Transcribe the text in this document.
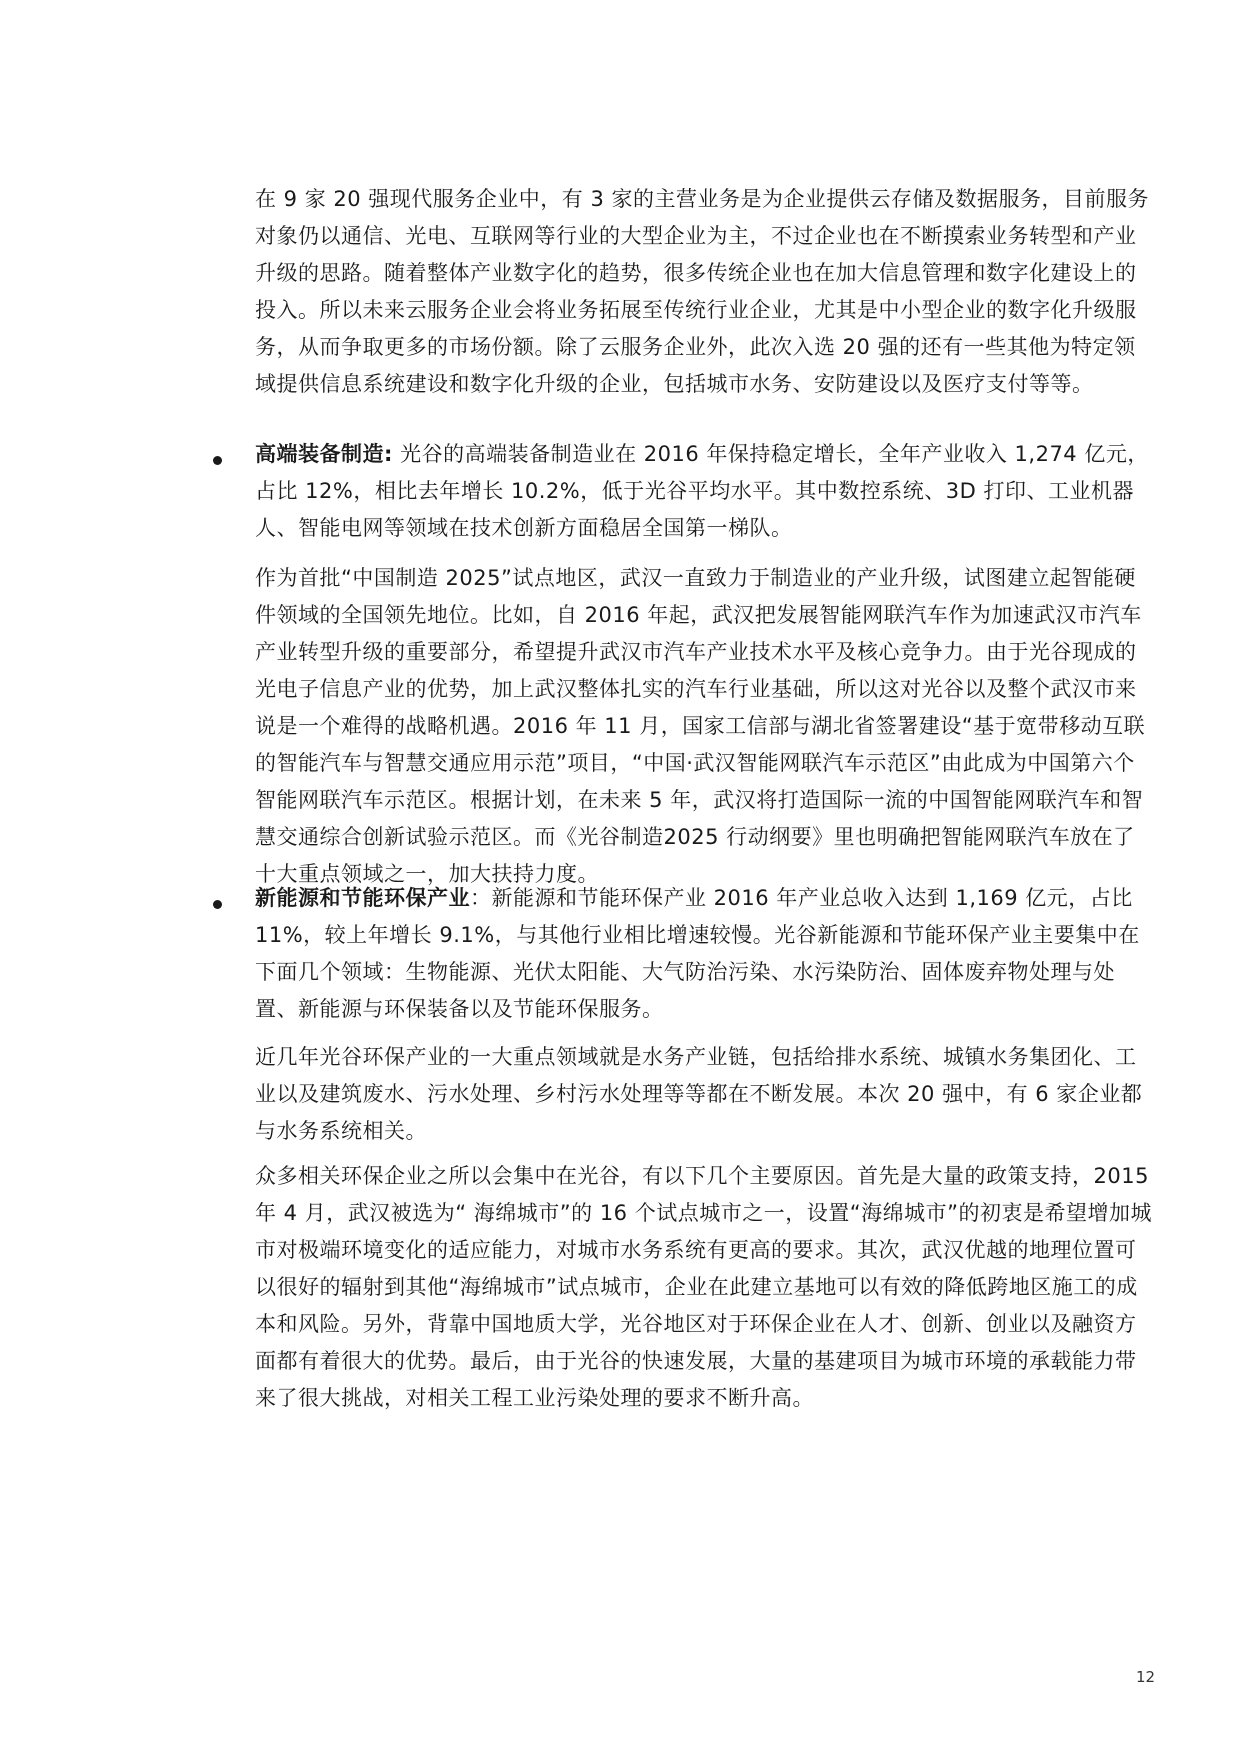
在 9 家 20 强现代服务企业中，有 3 家的主营业务是为企业提供云存储及数据服务，目前服务对象仍以通信、光电、互联网等行业的大型企业为主，不过企业也在不断摸索业务转型和产业升级的思路。随着整体产业数字化的趋势，很多传统企业也在加大信息管理和数字化建设上的投入。所以未来云服务企业会将业务拓展至传统行业企业，尤其是中小型企业的数字化升级服务，从而争取更多的市场份额。除了云服务企业外，此次入选 20 强的还有一些其他为特定领域提供信息系统建设和数字化升级的企业，包括城市水务、安防建设以及医疗支付等等。
高端装备制造: 光谷的高端装备制造业在 2016 年保持稳定增长，全年产业收入 1,274 亿元，占比 12%，相比去年增长 10.2%，低于光谷平均水平。其中数控系统、3D 打印、工业机器人、智能电网等领域在技术创新方面稳居全国第一梯队。
作为首批“中国制造 2025”试点地区，武汉一直致力于制造业的产业升级，试图建立起智能硬件领域的全国领先地位。比如，自 2016 年起，武汉把发展智能网联汽车作为加速武汉市汽车产业转型升级的重要部分，希望提升武汉市汽车产业技术水平及核心竞争力。由于光谷现成的光电子信息产业的优势，加上武汉整体扎实的汽车行业基础，所以这对光谷以及整个武汉市来说是一个难得的战略机遇。2016 年 11 月，国家工信部与湖北省签署建设“基于宽带移动互联的智能汽车与智慧交通应用示范”项目，“中国·武汉智能网联汽车示范区”由此成为中国第六个智能网联汽车示范区。根据计划，在未来 5 年，武汉将打造国际一流的中国智能网联汽车和智慧交通综合创新试验示范区。而《光谷制造2025 行动纲要》里也明确把智能网联汽车放在了十大重点领域之一，加大扶持力度。
新能源和节能环保产业：新能源和节能环保产业 2016 年产业总收入达到 1,169 亿元，占比 11%，较上年增长 9.1%，与其他行业相比增速较慢。光谷新能源和节能环保产业主要集中在下面几个领域：生物能源、光伏太阳能、大气防治污染、水污染防治、固体废弃物处理与处置、新能源与环保装备以及节能环保服务。
近几年光谷环保产业的一大重点领域就是水务产业链，包括给排水系统、城镇水务集团化、工业以及建筑废水、污水处理、乡村污水处理等等都在不断发展。本次 20 强中，有 6 家企业都与水务系统相关。
众多相关环保企业之所以会集中在光谷，有以下几个主要原因。首先是大量的政策支持，2015 年 4 月，武汉被选为“ 海绵城市”的 16 个试点城市之一，设置“海绵城市”的初衷是希望增加城市对极端环境变化的适应能力，对城市水务系统有更高的要求。其次，武汉优越的地理位置可以很好的辐射到其他“海绵城市”试点城市，企业在此建立基地可以有效的降低跨地区施工的成本和风险。另外，背靠中国地质大学，光谷地区对于环保企业在人才、创新、创业以及融资方面都有着很大的优势。最后，由于光谷的快速发展，大量的基建项目为城市环境的承载能力带来了很大挑战，对相关工程工业污染处理的要求不断升高。
12
